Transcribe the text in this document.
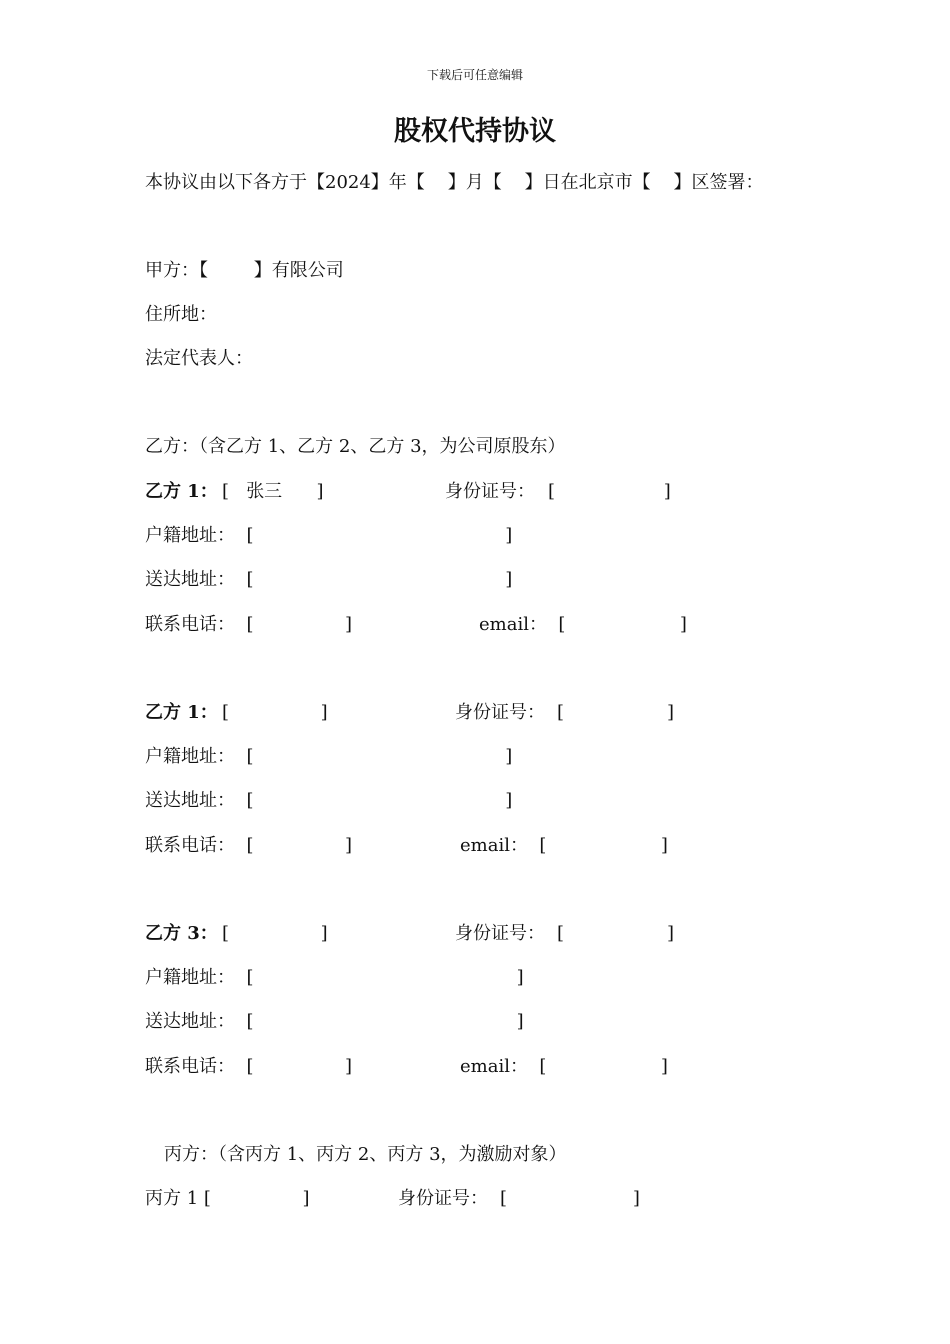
下载后可任意编辑
股权代持协议
本协议由以下各方于【2024】年【    】月【    】日在北京市【    】区签署：
甲方：【        】有限公司
住所地：
法定代表人：
乙方：（含乙方 1、乙方 2、乙方 3，为公司原股东）
乙方 1： [   张三      ]	身份证号： [                   ]
户籍地址：  [                                            ]
送达地址：  [                                            ]
联系电话：  [                ]	email：  [                    ]
乙方 1： [                ]	身份证号： [                  ]
户籍地址：  [                                            ]
送达地址：  [                                            ]
联系电话：  [                ]	email：  [                    ]
乙方 3： [                ]	身份证号： [                  ]
户籍地址：  [                                              ]
送达地址：  [                                              ]
联系电话：  [                ]	email：  [                    ]
丙方：（含丙方 1、丙方 2、丙方 3，为激励对象）
丙方 1 [                ]	身份证号： [                      ]
